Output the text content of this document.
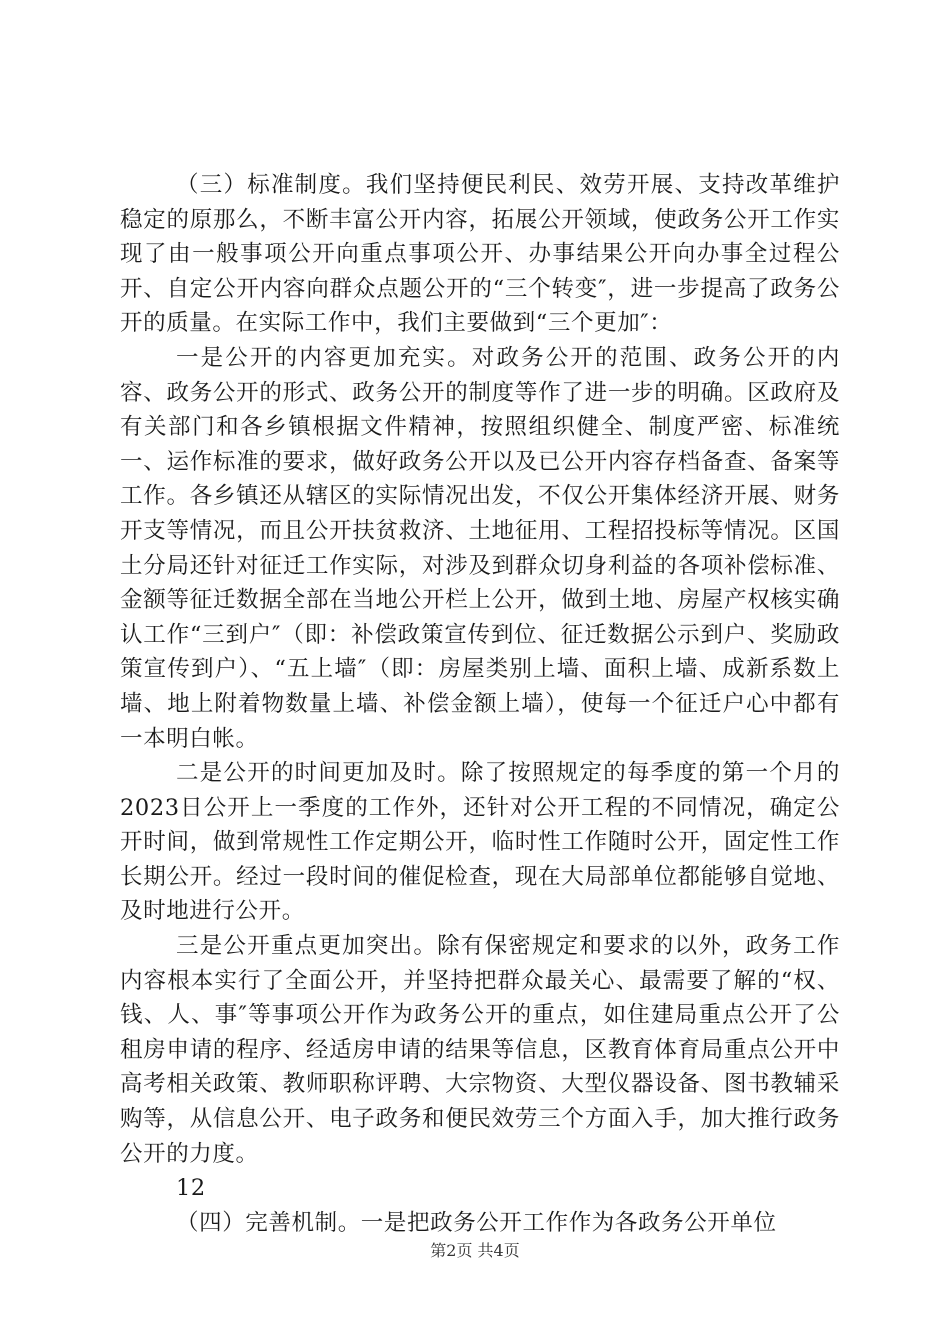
（三）标准制度。我们坚持便民利民、效劳开展、支持改革维护稳定的原那么，不断丰富公开内容，拓展公开领域，使政务公开工作实现了由一般事项公开向重点事项公开、办事结果公开向办事全过程公开、自定公开内容向群众点题公开的“三个转变″，进一步提高了政务公开的质量。在实际工作中，我们主要做到“三个更加″：

一是公开的内容更加充实。对政务公开的范围、政务公开的内容、政务公开的形式、政务公开的制度等作了进一步的明确。区政府及有关部门和各乡镇根据文件精神，按照组织健全、制度严密、标准统一、运作标准的要求，做好政务公开以及已公开内容存档备查、备案等工作。各乡镇还从辖区的实际情况出发，不仅公开集体经济开展、财务开支等情况，而且公开扶贫救济、土地征用、工程招投标等情况。区国土分局还针对征迁工作实际，对涉及到群众切身利益的各项补偿标准、金额等征迁数据全部在当地公开栏上公开，做到土地、房屋产权核实确认工作“三到户″（即：补偿政策宣传到位、征迁数据公示到户、奖励政策宣传到户）、“五上墙″（即：房屋类别上墙、面积上墙、成新系数上墙、地上附着物数量上墙、补偿金额上墙），使每一个征迁户心中都有一本明白帐。

二是公开的时间更加及时。除了按照规定的每季度的第一个月的2023日公开上一季度的工作外，还针对公开工程的不同情况，确定公开时间，做到常规性工作定期公开，临时性工作随时公开，固定性工作长期公开。经过一段时间的催促检查，现在大局部单位都能够自觉地、及时地进行公开。

三是公开重点更加突出。除有保密规定和要求的以外，政务工作内容根本实行了全面公开，并坚持把群众最关心、最需要了解的“权、钱、人、事″等事项公开作为政务公开的重点，如住建局重点公开了公租房申请的程序、经适房申请的结果等信息，区教育体育局重点公开中高考相关政策、教师职称评聘、大宗物资、大型仪器设备、图书教辅采购等，从信息公开、电子政务和便民效劳三个方面入手，加大推行政务公开的力度。

12

（四）完善机制。一是把政务公开工作作为各政务公开单位

第2页 共4页
